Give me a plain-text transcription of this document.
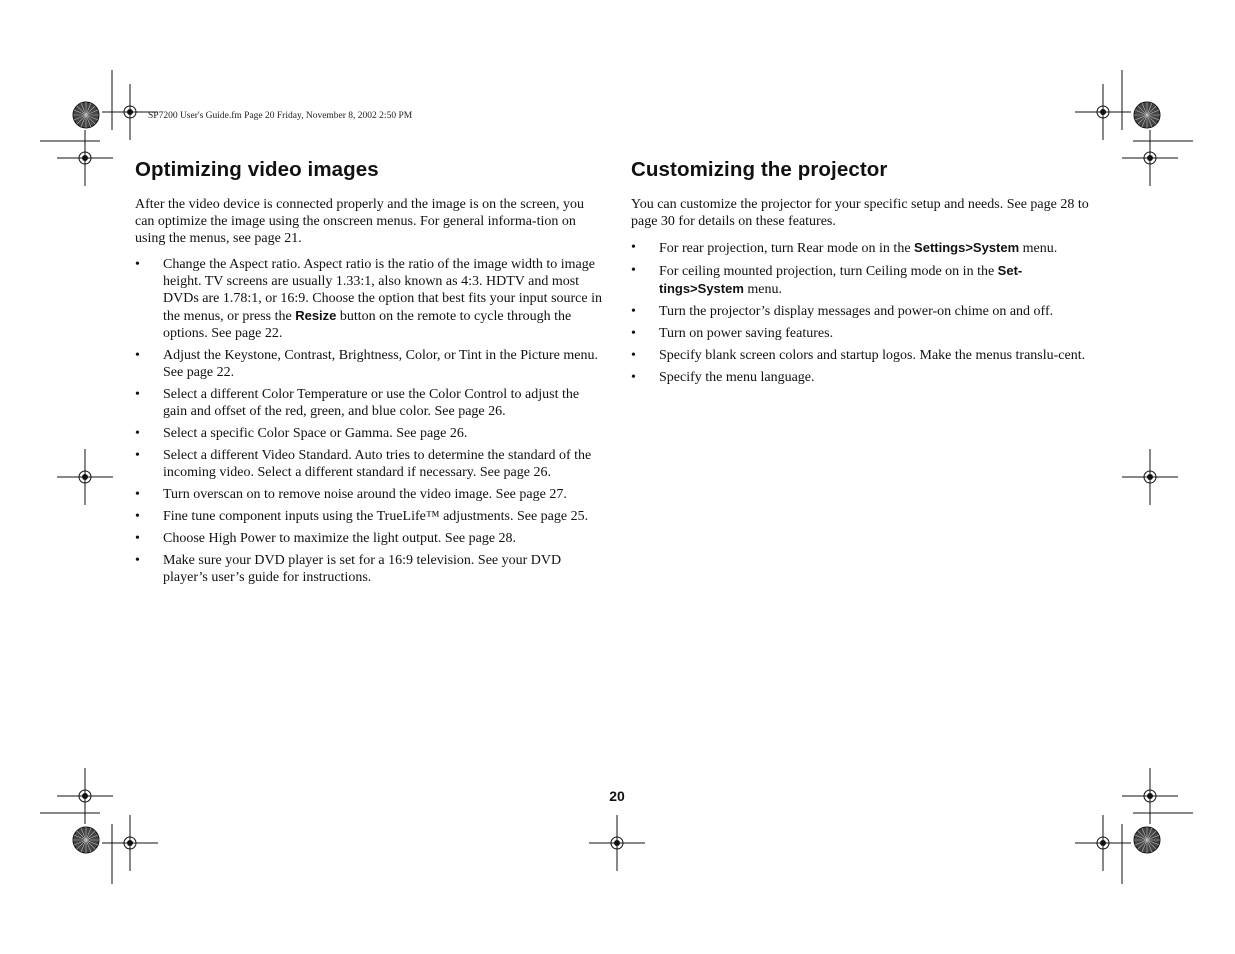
SP7200 User's Guide.fm Page 20 Friday, November 8, 2002 2:50 PM
Optimizing video images

After the video device is connected properly and the image is on the screen, you can optimize the image using the onscreen menus. For general informa-tion on using the menus, see page 21.

• Change the Aspect ratio. Aspect ratio is the ratio of the image width to image height. TV screens are usually 1.33:1, also known as 4:3. HDTV and most DVDs are 1.78:1, or 16:9. Choose the option that best fits your input source in the menus, or press the Resize button on the remote to cycle through the options. See page 22.
• Adjust the Keystone, Contrast, Brightness, Color, or Tint in the Picture menu. See page 22.
• Select a different Color Temperature or use the Color Control to adjust the gain and offset of the red, green, and blue color. See page 26.
• Select a specific Color Space or Gamma. See page 26.
• Select a different Video Standard. Auto tries to determine the standard of the incoming video. Select a different standard if necessary. See page 26.
• Turn overscan on to remove noise around the video image. See page 27.
• Fine tune component inputs using the TrueLife™ adjustments. See page 25.
• Choose High Power to maximize the light output. See page 28.
• Make sure your DVD player is set for a 16:9 television. See your DVD player’s user’s guide for instructions.
Customizing the projector

You can customize the projector for your specific setup and needs. See page 28 to page 30 for details on these features.

• For rear projection, turn Rear mode on in the Settings>System menu.
• For ceiling mounted projection, turn Ceiling mode on in the Set-tings>System menu.
• Turn the projector’s display messages and power-on chime on and off.
• Turn on power saving features.
• Specify blank screen colors and startup logos. Make the menus translu-cent.
• Specify the menu language.
20
